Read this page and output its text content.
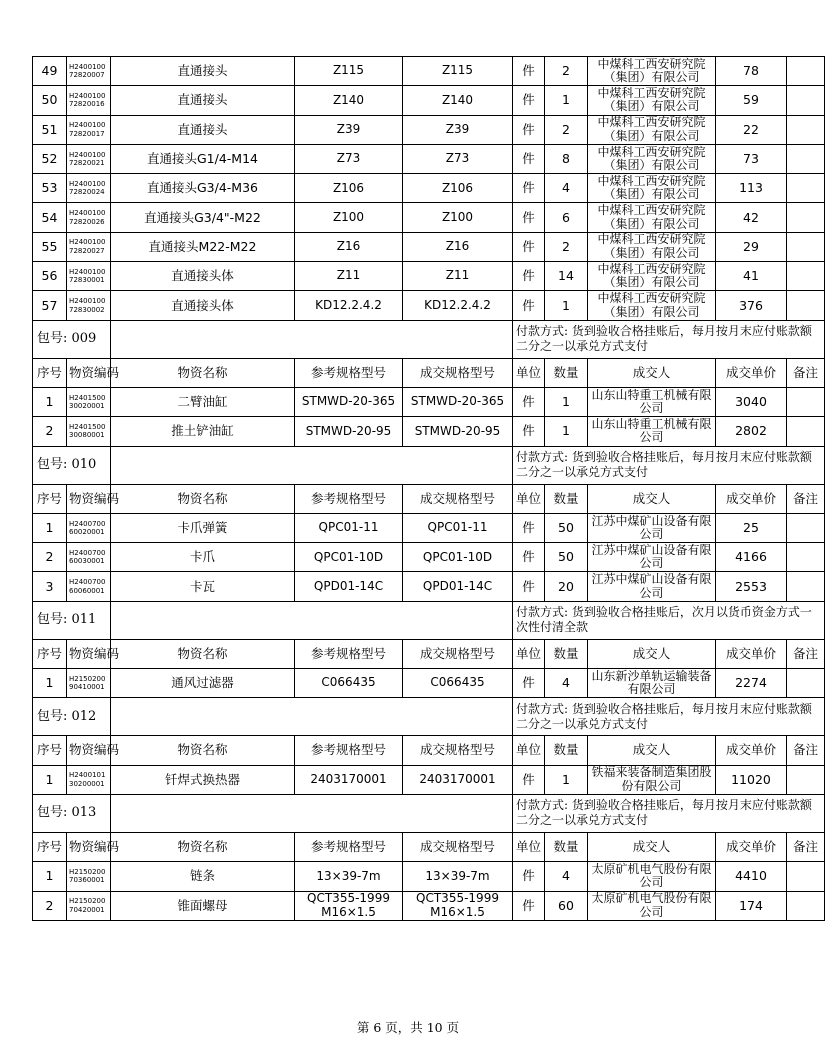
49	H2400100 72820007	直通接头	Z115	Z115	件	2	中煤科工西安研究院（集团）有限公司	78	
50	H2400100 72820016	直通接头	Z140	Z140	件	1	中煤科工西安研究院（集团）有限公司	59	
51	H2400100 72820017	直通接头	Z39	Z39	件	2	中煤科工西安研究院（集团）有限公司	22	
52	H2400100 72820021	直通接头G1/4-M14	Z73	Z73	件	8	中煤科工西安研究院（集团）有限公司	73	
53	H2400100 72820024	直通接头G3/4-M36	Z106	Z106	件	4	中煤科工西安研究院（集团）有限公司	113	
54	H2400100 72820026	直通接头G3/4"-M22	Z100	Z100	件	6	中煤科工西安研究院（集团）有限公司	42	
55	H2400100 72820027	直通接头M22-M22	Z16	Z16	件	2	中煤科工西安研究院（集团）有限公司	29	
56	H2400100 72830001	直通接头体	Z11	Z11	件	14	中煤科工西安研究院（集团）有限公司	41	
57	H2400100 72830002	直通接头体	KD12.2.4.2	KD12.2.4.2	件	1	中煤科工西安研究院（集团）有限公司	376	
包号: 009					付款方式: 货到验收合格挂账后，每月按月末应付账款额二分之一以承兑方式支付				
序号	物资编码	物资名称	参考规格型号	成交规格型号	单位	数量	成交人	成交单价	备注
1	H2401500 30020001	二臂油缸	STMWD-20-365	STMWD-20-365	件	1	山东山特重工机械有限公司	3040	
2	H2401500 30080001	推土铲油缸	STMWD-20-95	STMWD-20-95	件	1	山东山特重工机械有限公司	2802	
包号: 010					付款方式: 货到验收合格挂账后，每月按月末应付账款额二分之一以承兑方式支付				
序号	物资编码	物资名称	参考规格型号	成交规格型号	单位	数量	成交人	成交单价	备注
1	H2400700 60020001	卡爪弹簧	QPC01-11	QPC01-11	件	50	江苏中煤矿山设备有限公司	25	
2	H2400700 60030001	卡爪	QPC01-10D	QPC01-10D	件	50	江苏中煤矿山设备有限公司	4166	
3	H2400700 60060001	卡瓦	QPD01-14C	QPD01-14C	件	20	江苏中煤矿山设备有限公司	2553	
包号: 011					付款方式: 货到验收合格挂账后，次月以货币资金方式一次性付清全款				
序号	物资编码	物资名称	参考规格型号	成交规格型号	单位	数量	成交人	成交单价	备注
1	H2150200 90410001	通风过滤器	C066435	C066435	件	4	山东新沙单轨运输装备有限公司	2274	
包号: 012					付款方式: 货到验收合格挂账后，每月按月末应付账款额二分之一以承兑方式支付				
序号	物资编码	物资名称	参考规格型号	成交规格型号	单位	数量	成交人	成交单价	备注
1	H2400101 30200001	钎焊式换热器	2403170001	2403170001	件	1	铁福来装备制造集团股份有限公司	11020	
包号: 013					付款方式: 货到验收合格挂账后，每月按月末应付账款额二分之一以承兑方式支付				
序号	物资编码	物资名称	参考规格型号	成交规格型号	单位	数量	成交人	成交单价	备注
1	H2150200 70360001	链条	13×39-7m	13×39-7m	件	4	太原矿机电气股份有限公司	4410	
2	H2150200 70420001	锥面螺母	QCT355-1999 M16×1.5	QCT355-1999 M16×1.5	件	60	太原矿机电气股份有限公司	174	
第 6 页，共 10 页
